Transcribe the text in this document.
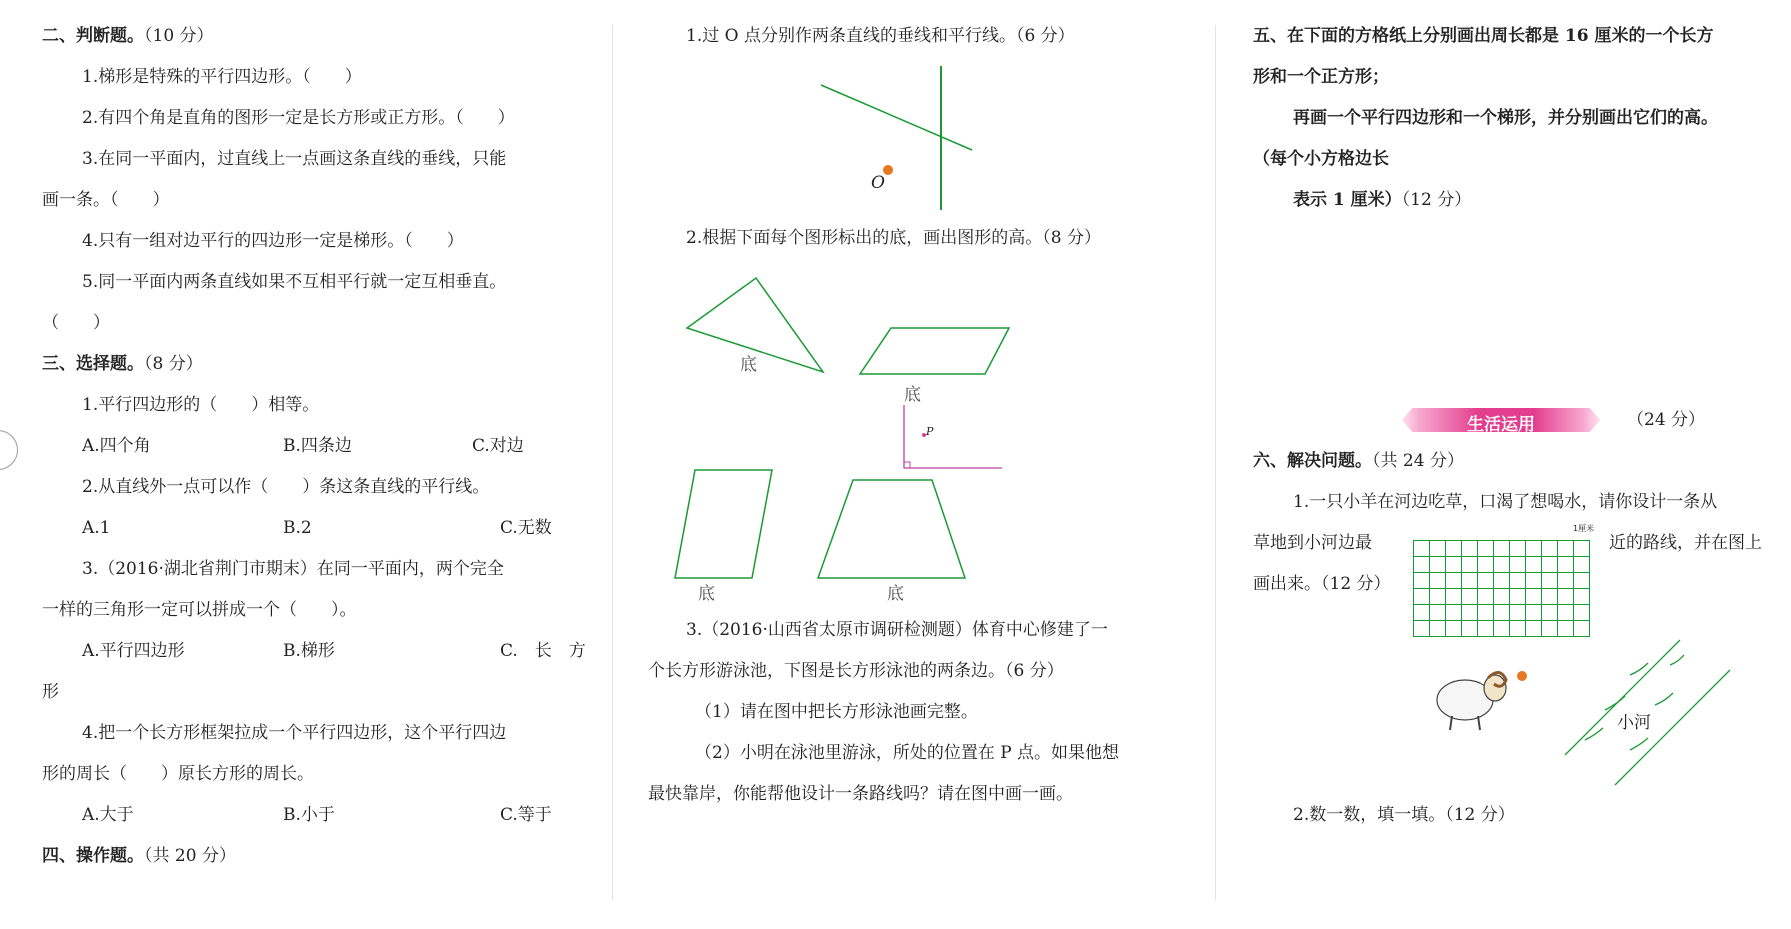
二、判断题。（10 分）
1.梯形是特殊的平行四边形。（　　）
2.有四个角是直角的图形一定是长方形或正方形。（　　）
3.在同一平面内，过直线上一点画这条直线的垂线，只能
画一条。（　　）
4.只有一组对边平行的四边形一定是梯形。（　　）
5.同一平面内两条直线如果不互相平行就一定互相垂直。
（　　）
三、选择题。（8 分）
1.平行四边形的（　　）相等。
A.四个角	B.四条边	C.对边
2.从直线外一点可以作（　　）条这条直线的平行线。
A.1	B.2	C.无数
3.（2016·湖北省荆门市期末）在同一平面内，两个完全
一样的三角形一定可以拼成一个（　　）。
A.平行四边形	B.梯形	C.　长　方
形
4.把一个长方形框架拉成一个平行四边形，这个平行四边
形的周长（　　）原长方形的周长。
A.大于	B.小于	C.等于
四、操作题。（共 20 分）
1.过 O 点分别作两条直线的垂线和平行线。（6 分）
O
2.根据下面每个图形标出的底，画出图形的高。（8 分）
底
底
P
底	底
3.（2016·山西省太原市调研检测题）体育中心修建了一
个长方形游泳池，下图是长方形泳池的两条边。（6 分）
（1）请在图中把长方形泳池画完整。
（2）小明在泳池里游泳，所处的位置在 P 点。如果他想
最快靠岸，你能帮他设计一条路线吗？请在图中画一画。
五、在下面的方格纸上分别画出周长都是 16 厘米的一个长方
形和一个正方形；
再画一个平行四边形和一个梯形，并分别画出它们的高。
（每个小方格边长
表示 1 厘米）（12 分）
生活运用	（24 分）
六、解决问题。（共 24 分）
1.一只小羊在河边吃草，口渴了想喝水，请你设计一条从
草地到小河边最	近的路线，并在图上
画出来。（12 分）
1厘米
小河
2.数一数，填一填。（12 分）
